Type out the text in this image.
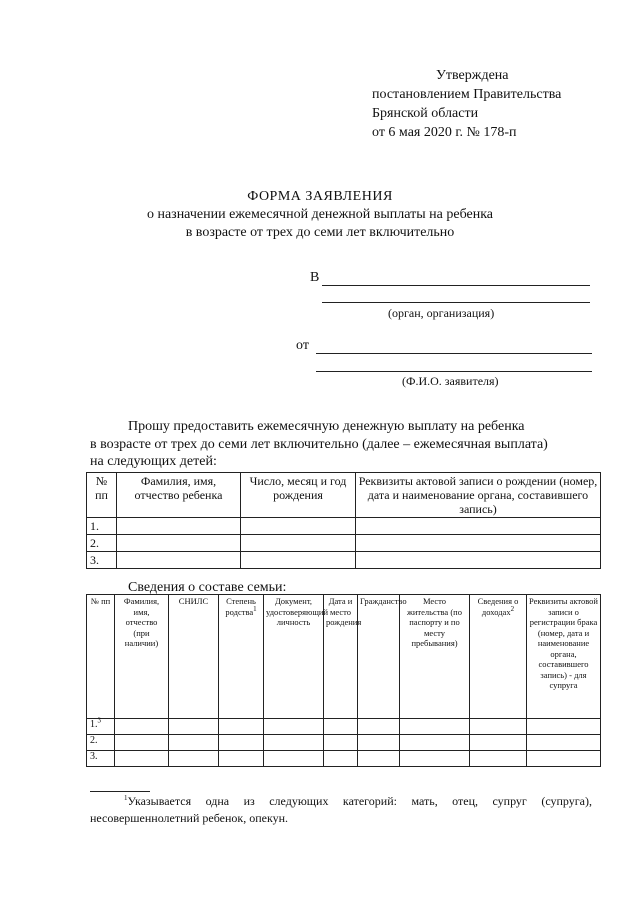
Утверждена
постановлением Правительства
Брянской области
от 6 мая 2020 г. № 178-п
ФОРМА ЗАЯВЛЕНИЯ
о назначении ежемесячной денежной выплаты на ребенка
в возрасте от трех до семи лет включительно
В
(орган, организация)
от
(Ф.И.О. заявителя)
Прошу предоставить ежемесячную денежную выплату на ребенка
в возрасте от трех до семи лет включительно (далее – ежемесячная выплата)
на следующих детей:
№ пп	Фамилия, имя, отчество ребенка	Число, месяц и год рождения	Реквизиты актовой записи о рождении (номер, дата и наименование органа, составившего запись)
1.			
2.			
3.			
Сведения о составе семьи:
№ пп	Фамилия, имя, отчество (при наличии)	СНИЛС	Степень родства$^1$	Документ, удостоверяющий личность	Дата и место рождения	Гражданство	Место жительства (по паспорту и по месту пребывания)	Сведения о доходах$^2$	Реквизиты актовой записи о регистрации брака (номер, дата и наименование органа, составившего запись) - для супруга
1.$^3$									
2.									
3.									
$^1$Указывается одна из следующих категорий: мать, отец, супруг (супруга), несовершеннолетний ребенок, опекун.
